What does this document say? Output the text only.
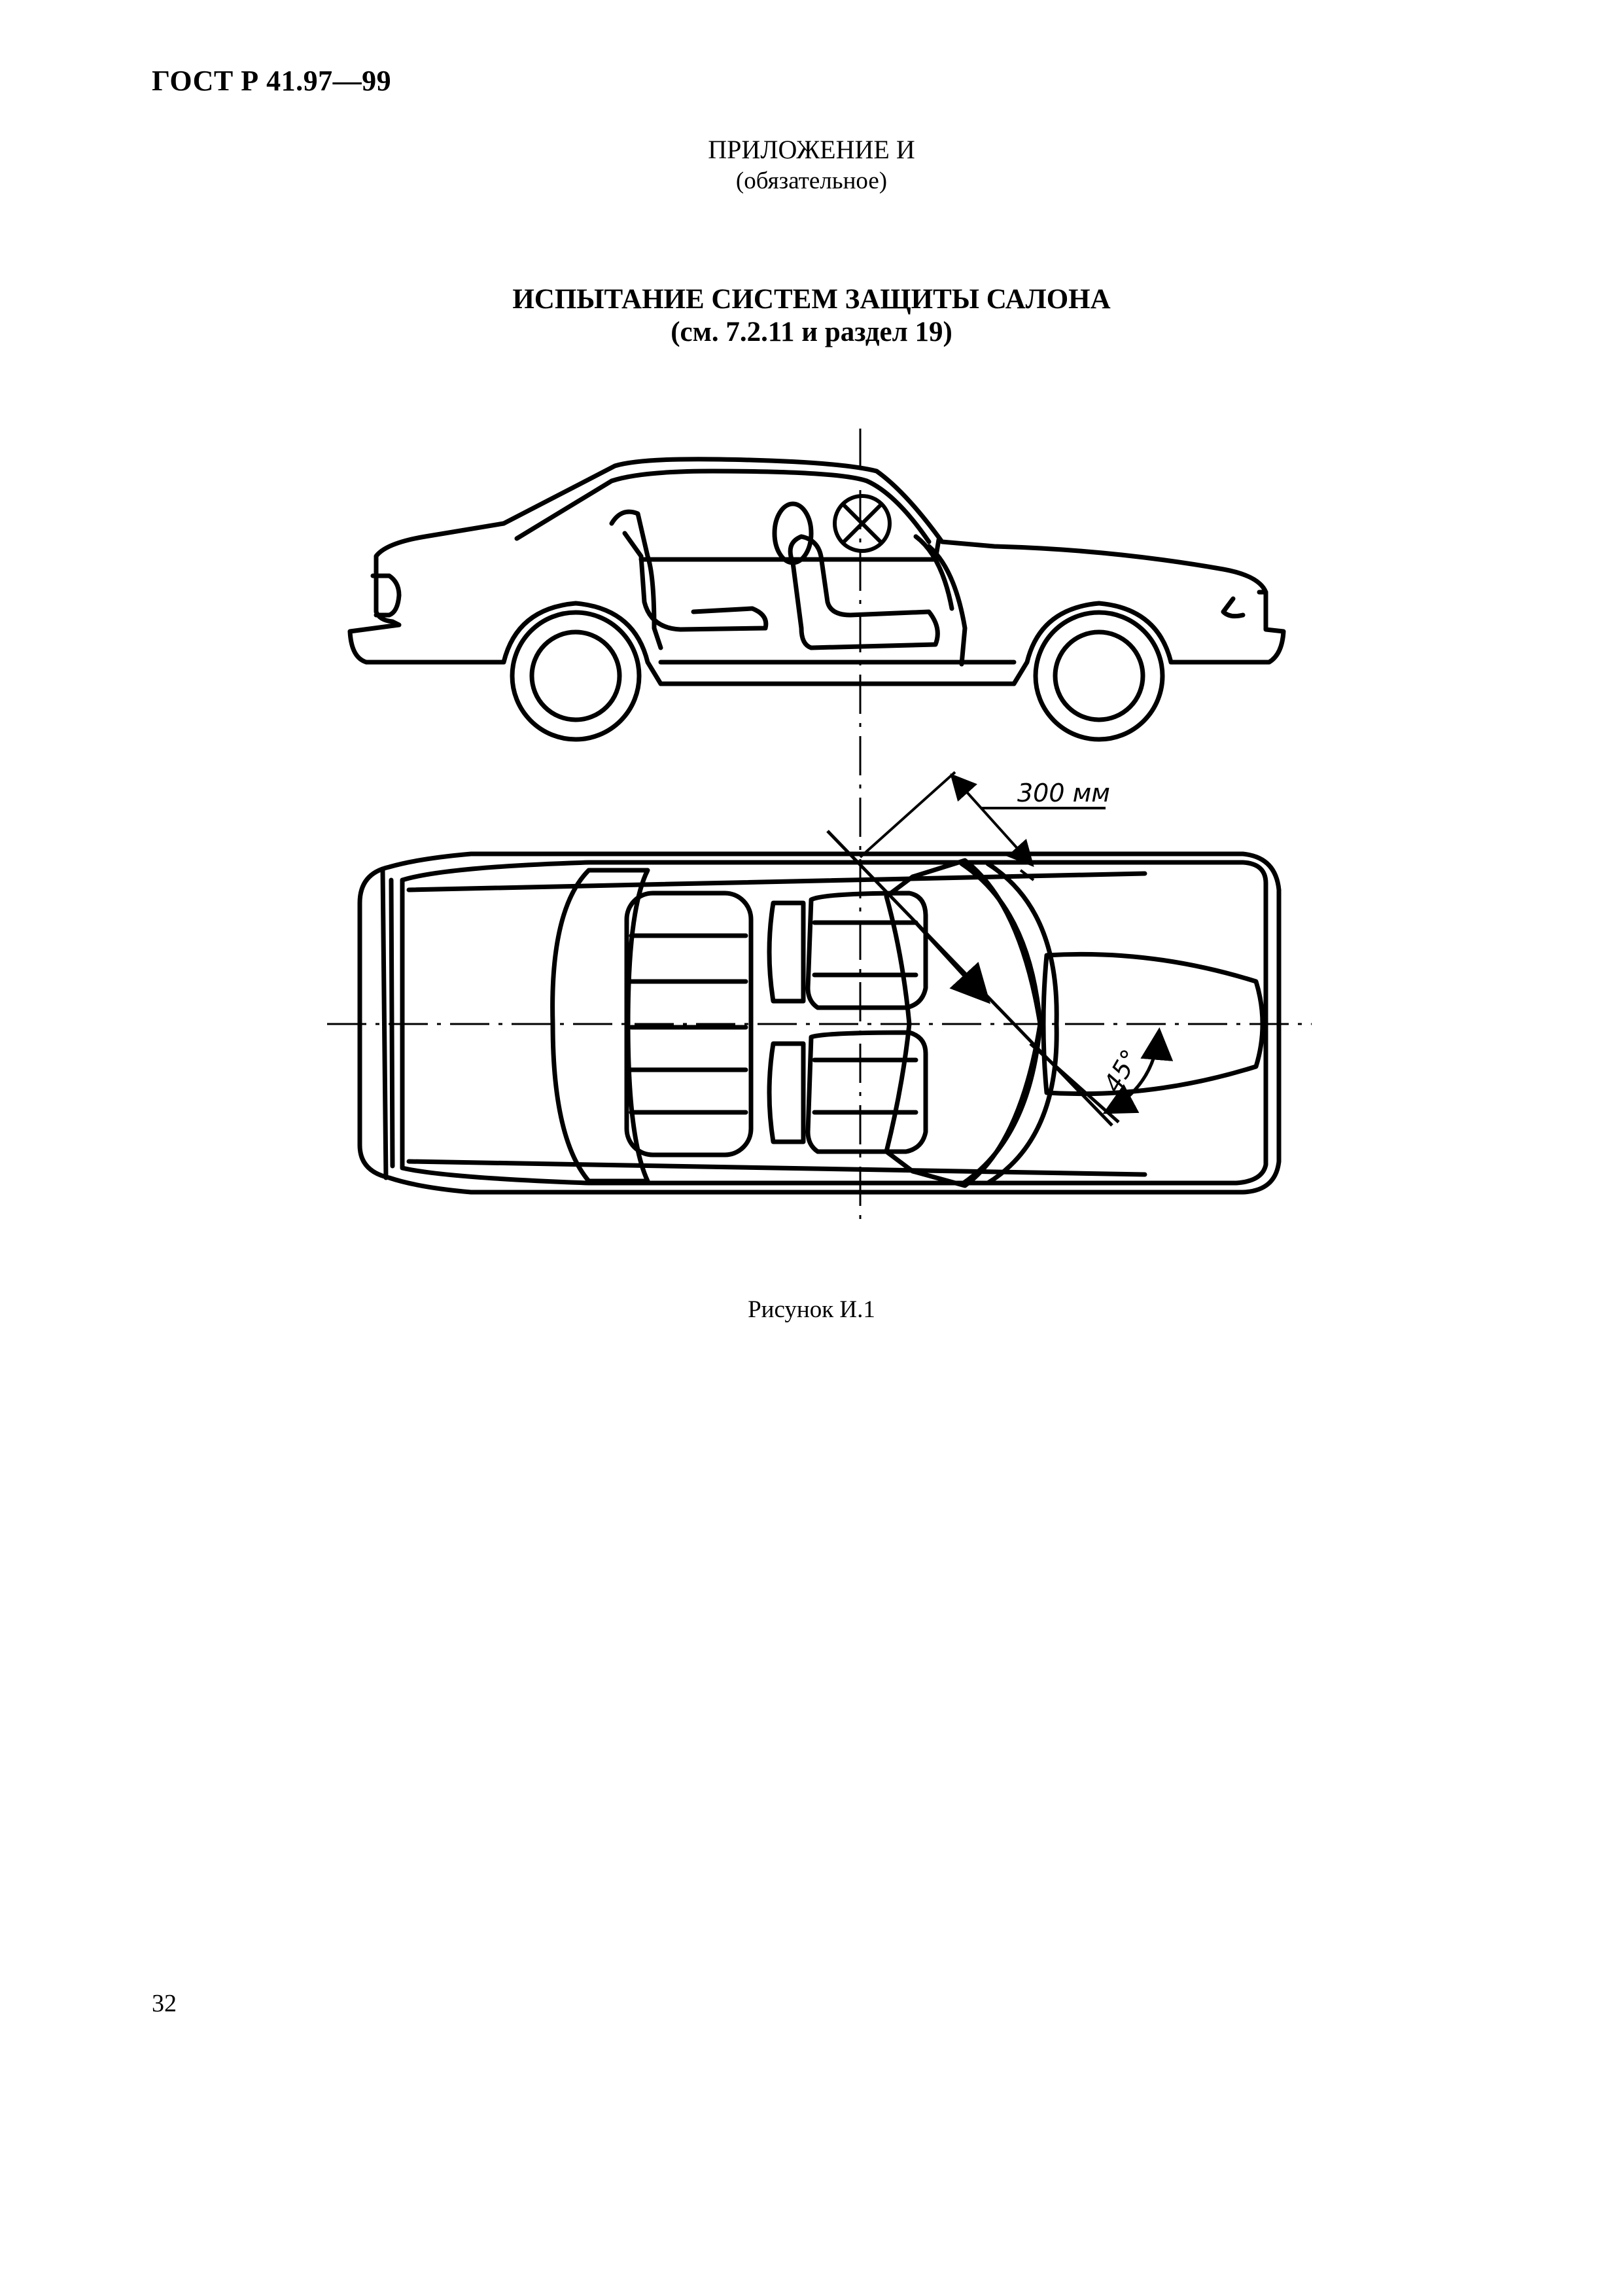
ГОСТ Р 41.97—99
ПРИЛОЖЕНИЕ И
(обязательное)
ИСПЫТАНИЕ СИСТЕМ ЗАЩИТЫ САЛОНА
(см. 7.2.11 и раздел 19)
300 мм
45°
Рисунок И.1
32
